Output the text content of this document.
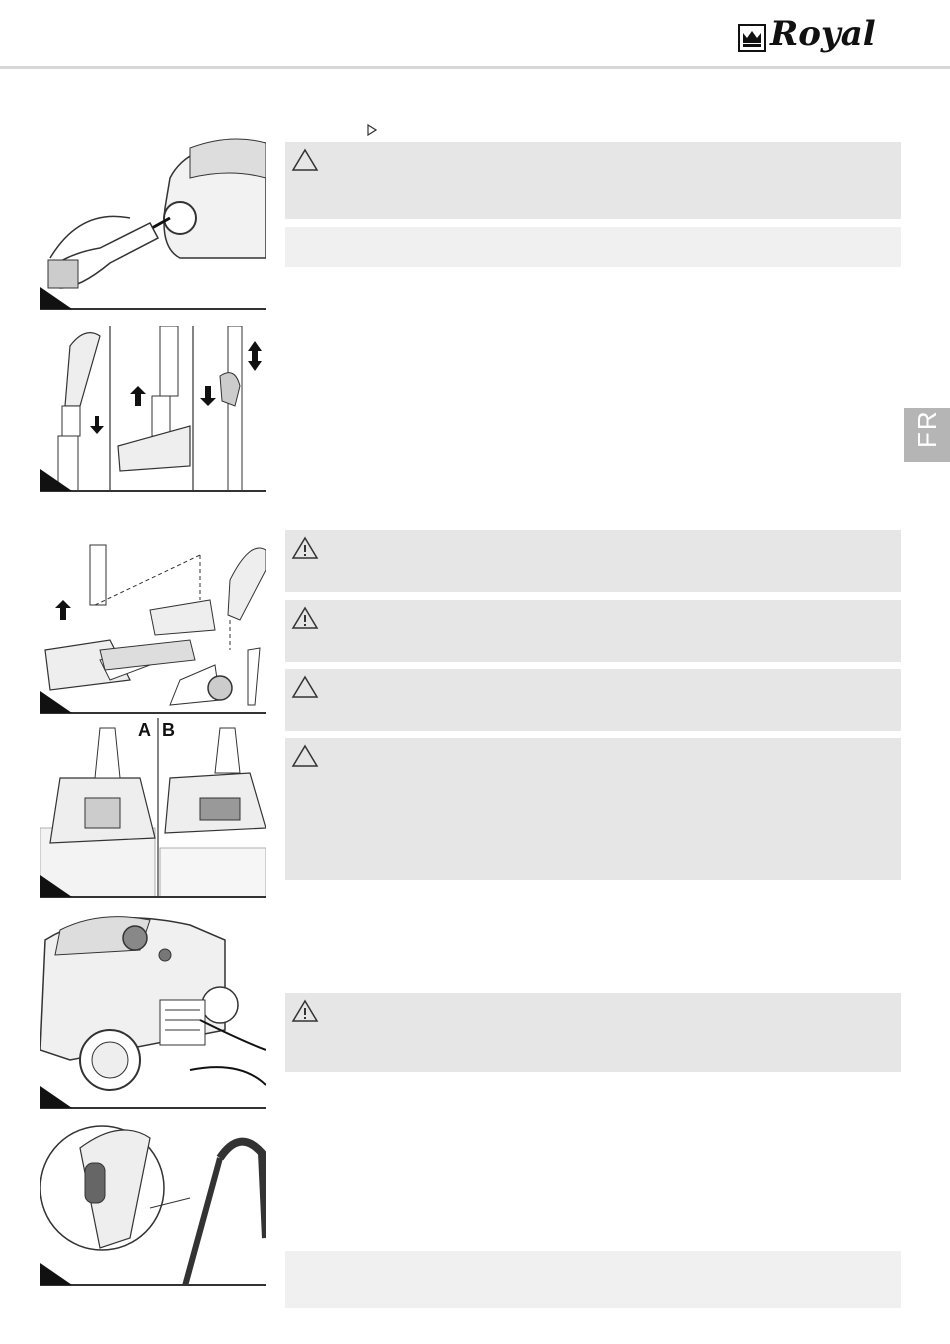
Royal
FR
A B
